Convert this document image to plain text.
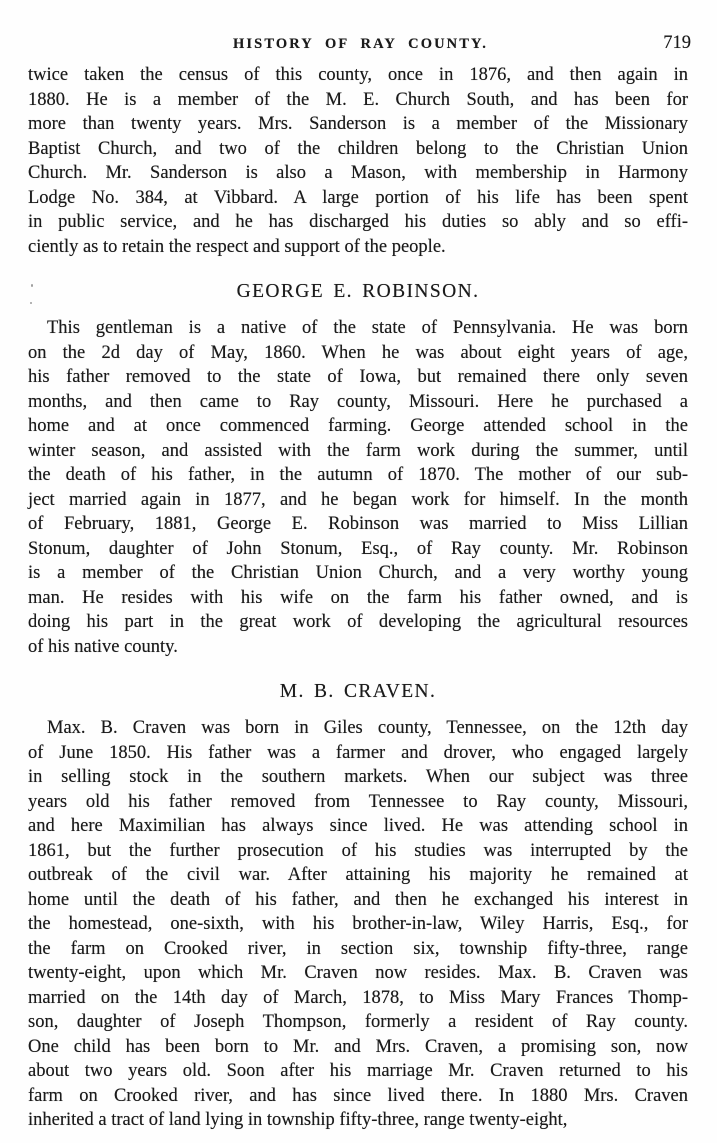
HISTORY OF RAY COUNTY.	719
twice taken the census of this county, once in 1876, and then again in
1880. He is a member of the M. E. Church South, and has been for
more than twenty years. Mrs. Sanderson is a member of the Missionary
Baptist Church, and two of the children belong to the Christian Union
Church. Mr. Sanderson is also a Mason, with membership in Harmony
Lodge No. 384, at Vibbard. A large portion of his life has been spent
in public service, and he has discharged his duties so ably and so effi-
ciently as to retain the respect and support of the people.
GEORGE E. ROBINSON.
This gentleman is a native of the state of Pennsylvania. He was born
on the 2d day of May, 1860. When he was about eight years of age,
his father removed to the state of Iowa, but remained there only seven
months, and then came to Ray county, Missouri. Here he purchased a
home and at once commenced farming. George attended school in the
winter season, and assisted with the farm work during the summer, until
the death of his father, in the autumn of 1870. The mother of our sub-
ject married again in 1877, and he began work for himself. In the month
of February, 1881, George E. Robinson was married to Miss Lillian
Stonum, daughter of John Stonum, Esq., of Ray county. Mr. Robinson
is a member of the Christian Union Church, and a very worthy young
man. He resides with his wife on the farm his father owned, and is
doing his part in the great work of developing the agricultural resources
of his native county.
M. B. CRAVEN.
Max. B. Craven was born in Giles county, Tennessee, on the 12th day
of June 1850. His father was a farmer and drover, who engaged largely
in selling stock in the southern markets. When our subject was three
years old his father removed from Tennessee to Ray county, Missouri,
and here Maximilian has always since lived. He was attending school in
1861, but the further prosecution of his studies was interrupted by the
outbreak of the civil war. After attaining his majority he remained at
home until the death of his father, and then he exchanged his interest in
the homestead, one-sixth, with his brother-in-law, Wiley Harris, Esq., for
the farm on Crooked river, in section six, township fifty-three, range
twenty-eight, upon which Mr. Craven now resides. Max. B. Craven was
married on the 14th day of March, 1878, to Miss Mary Frances Thomp-
son, daughter of Joseph Thompson, formerly a resident of Ray county.
One child has been born to Mr. and Mrs. Craven, a promising son, now
about two years old. Soon after his marriage Mr. Craven returned to his
farm on Crooked river, and has since lived there. In 1880 Mrs. Craven
inherited a tract of land lying in township fifty-three, range twenty-eight,
